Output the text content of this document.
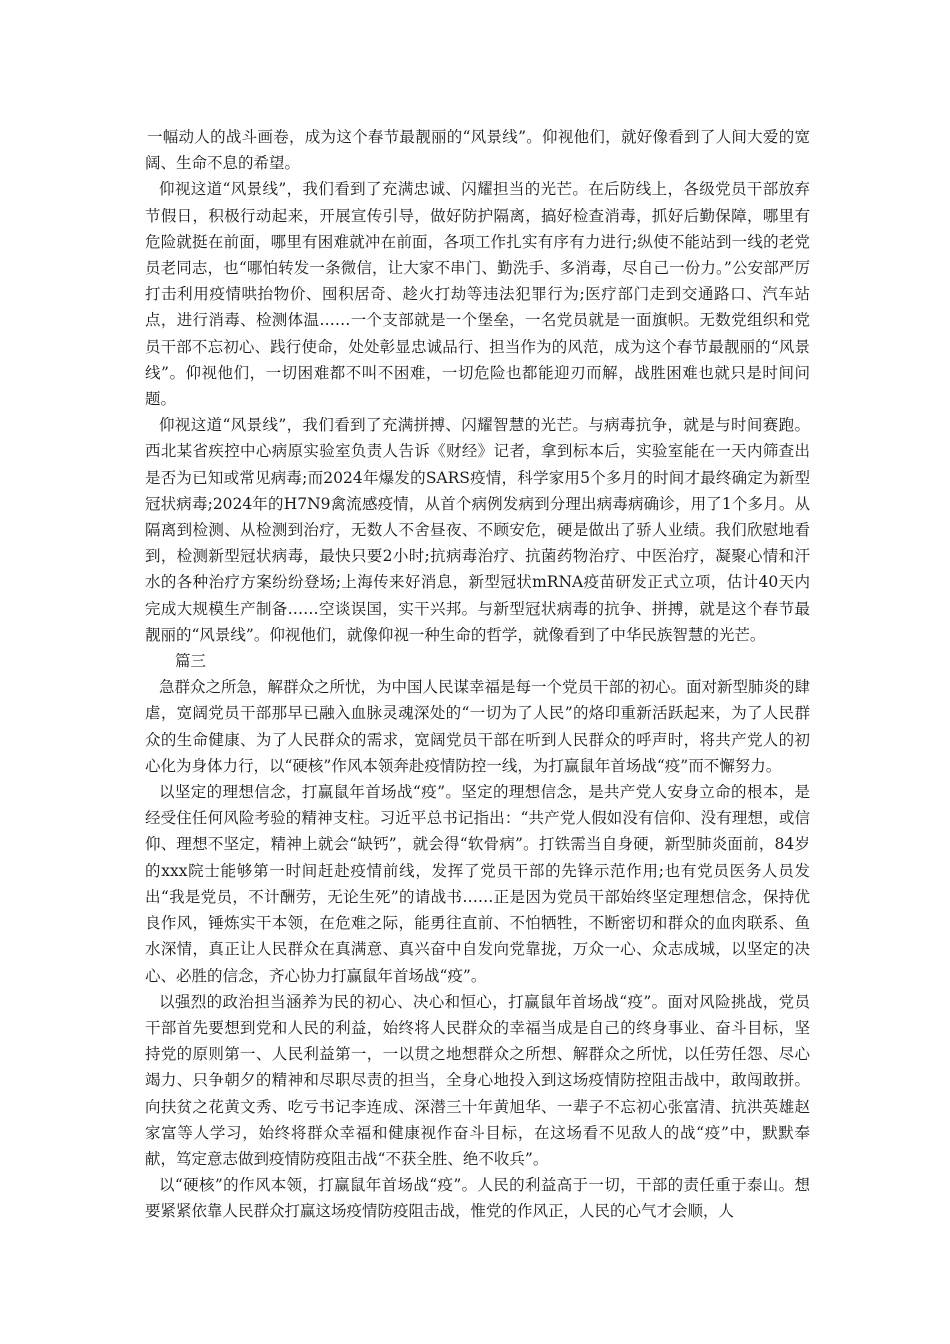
一幅动人的战斗画卷，成为这个春节最靓丽的“风景线”。仰视他们，就好像看到了人间大爱的宽阔、生命不息的希望。

仰视这道“风景线”，我们看到了充满忠诚、闪耀担当的光芒。在后防线上，各级党员干部放弃节假日，积极行动起来，开展宣传引导，做好防护隔离，搞好检查消毒，抓好后勤保障，哪里有危险就挺在前面，哪里有困难就冲在前面，各项工作扎实有序有力进行;纵使不能站到一线的老党员老同志，也“哪怕转发一条微信，让大家不串门、勤洗手、多消毒，尽自己一份力。”公安部严厉打击利用疫情哄抬物价、囤积居奇、趁火打劫等违法犯罪行为;医疗部门走到交通路口、汽车站点，进行消毒、检测体温……一个支部就是一个堡垒，一名党员就是一面旗帜。无数党组织和党员干部不忘初心、践行使命，处处彰显忠诚品行、担当作为的风范，成为这个春节最靓丽的“风景线”。仰视他们，一切困难都不叫不困难，一切危险也都能迎刃而解，战胜困难也就只是时间问题。

仰视这道“风景线”，我们看到了充满拼搏、闪耀智慧的光芒。与病毒抗争，就是与时间赛跑。西北某省疾控中心病原实验室负责人告诉《财经》记者，拿到标本后，实验室能在一天内筛查出是否为已知或常见病毒;而2024年爆发的SARS疫情，科学家用5个多月的时间才最终确定为新型冠状病毒;2024年的H7N9禽流感疫情，从首个病例发病到分理出病毒病确诊，用了1个多月。从隔离到检测、从检测到治疗，无数人不舍昼夜、不顾安危，硬是做出了骄人业绩。我们欣慰地看到，检测新型冠状病毒，最快只要2小时;抗病毒治疗、抗菌药物治疗、中医治疗，凝聚心情和汗水的各种治疗方案纷纷登场;上海传来好消息，新型冠状mRNA疫苗研发正式立项，估计40天内完成大规模生产制备……空谈误国，实干兴邦。与新型冠状病毒的抗争、拼搏，就是这个春节最靓丽的“风景线”。仰视他们，就像仰视一种生命的哲学，就像看到了中华民族智慧的光芒。

篇三

急群众之所急，解群众之所忧，为中国人民谋幸福是每一个党员干部的初心。面对新型肺炎的肆虐，宽阔党员干部那早已融入血脉灵魂深处的“一切为了人民”的烙印重新活跃起来，为了人民群众的生命健康、为了人民群众的需求，宽阔党员干部在听到人民群众的呼声时，将共产党人的初心化为身体力行，以“硬核”作风本领奔赴疫情防控一线，为打赢鼠年首场战“疫”而不懈努力。

以坚定的理想信念，打赢鼠年首场战“疫”。坚定的理想信念，是共产党人安身立命的根本，是经受住任何风险考验的精神支柱。习近平总书记指出：“共产党人假如没有信仰、没有理想，或信仰、理想不坚定，精神上就会“缺钙”，就会得“软骨病”。打铁需当自身硬，新型肺炎面前，84岁的xxx院士能够第一时间赶赴疫情前线，发挥了党员干部的先锋示范作用;也有党员医务人员发出“我是党员，不计酬劳，无论生死”的请战书……正是因为党员干部始终坚定理想信念，保持优良作风，锤炼实干本领，在危难之际，能勇往直前、不怕牺牲，不断密切和群众的血肉联系、鱼水深情，真正让人民群众在真满意、真兴奋中自发向党靠拢，万众一心、众志成城，以坚定的决心、必胜的信念，齐心协力打赢鼠年首场战“疫”。

以强烈的政治担当涵养为民的初心、决心和恒心，打赢鼠年首场战“疫”。面对风险挑战，党员干部首先要想到党和人民的利益，始终将人民群众的幸福当成是自己的终身事业、奋斗目标，坚持党的原则第一、人民利益第一，一以贯之地想群众之所想、解群众之所忧，以任劳任怨、尽心竭力、只争朝夕的精神和尽职尽责的担当，全身心地投入到这场疫情防控阻击战中，敢闯敢拼。向扶贫之花黄文秀、吃亏书记李连成、深潜三十年黄旭华、一辈子不忘初心张富清、抗洪英雄赵家富等人学习，始终将群众幸福和健康视作奋斗目标，在这场看不见敌人的战“疫”中，默默奉献，笃定意志做到疫情防疫阻击战“不获全胜、绝不收兵”。

以“硬核”的作风本领，打赢鼠年首场战“疫”。人民的利益高于一切，干部的责任重于泰山。想要紧紧依靠人民群众打赢这场疫情防疫阻击战，惟党的作风正，人民的心气才会顺，人
